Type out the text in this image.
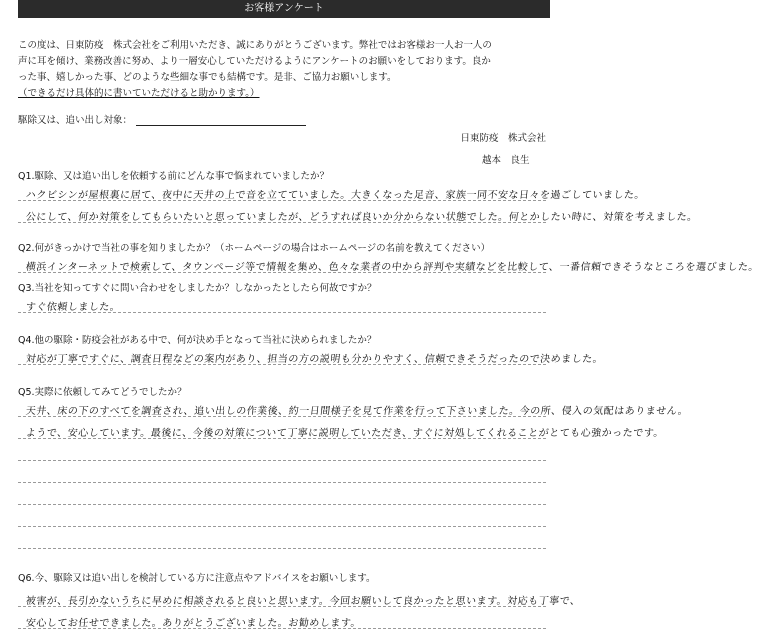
お客様アンケート
この度は、日東防疫　株式会社をご利用いただき、誠にありがとうございます。弊社ではお客様お一人お一人の
声に耳を傾け、業務改善に努め、より一層安心していただけるようにアンケートのお願いをしております。良か
った事、嬉しかった事、どのような些細な事でも結構です。是非、ご協力お願いします。
（できるだけ具体的に書いていただけると助かります。）
駆除又は、追い出し対象：
日東防疫　株式会社
越本　良生
Q1.駆除、又は追い出しを依頼する前にどんな事で悩まれていましたか？
ハクビシンが屋根裏に居て、夜中に天井の上で音を立てていました。大きくなった足音、家族一同不安な日々を過ごしていました。
公にして、何か対策をしてもらいたいと思っていましたが、どうすれば良いか分からない状態でした。何とかしたい時に、対策を考えました。
Q2.何がきっかけで当社の事を知りましたか？（ホームページの場合はホームページの名前を教えてください）
横浜インターネットで検索して、タウンページ等で情報を集め、色々な業者の中から評判や実績などを比較して、一番信頼できそうなところを選びました。
Q3.当社を知ってすぐに問い合わせをしましたか？しなかったとしたら何故ですか？
すぐ依頼しました。
Q4.他の駆除・防疫会社がある中で、何が決め手となって当社に決められましたか？
対応が丁寧ですぐに、調査日程などの案内があり、担当の方の説明も分かりやすく、信頼できそうだったので決めました。
Q5.実際に依頼してみてどうでしたか？
天井、床の下のすべてを調査され、追い出しの作業後、約一日間様子を見て作業を行って下さいました。今の所、侵入の気配はありません。
ようで、安心しています。最後に、今後の対策について丁寧に説明していただき、すぐに対処してくれることがとても心強かったです。
Q6.今、駆除又は追い出しを検討している方に注意点やアドバイスをお願いします。
被害が、長引かないうちに早めに相談されると良いと思います。今回お願いして良かったと思います。対応も丁寧で、
安心してお任せできました。ありがとうございました。お勧めします。
